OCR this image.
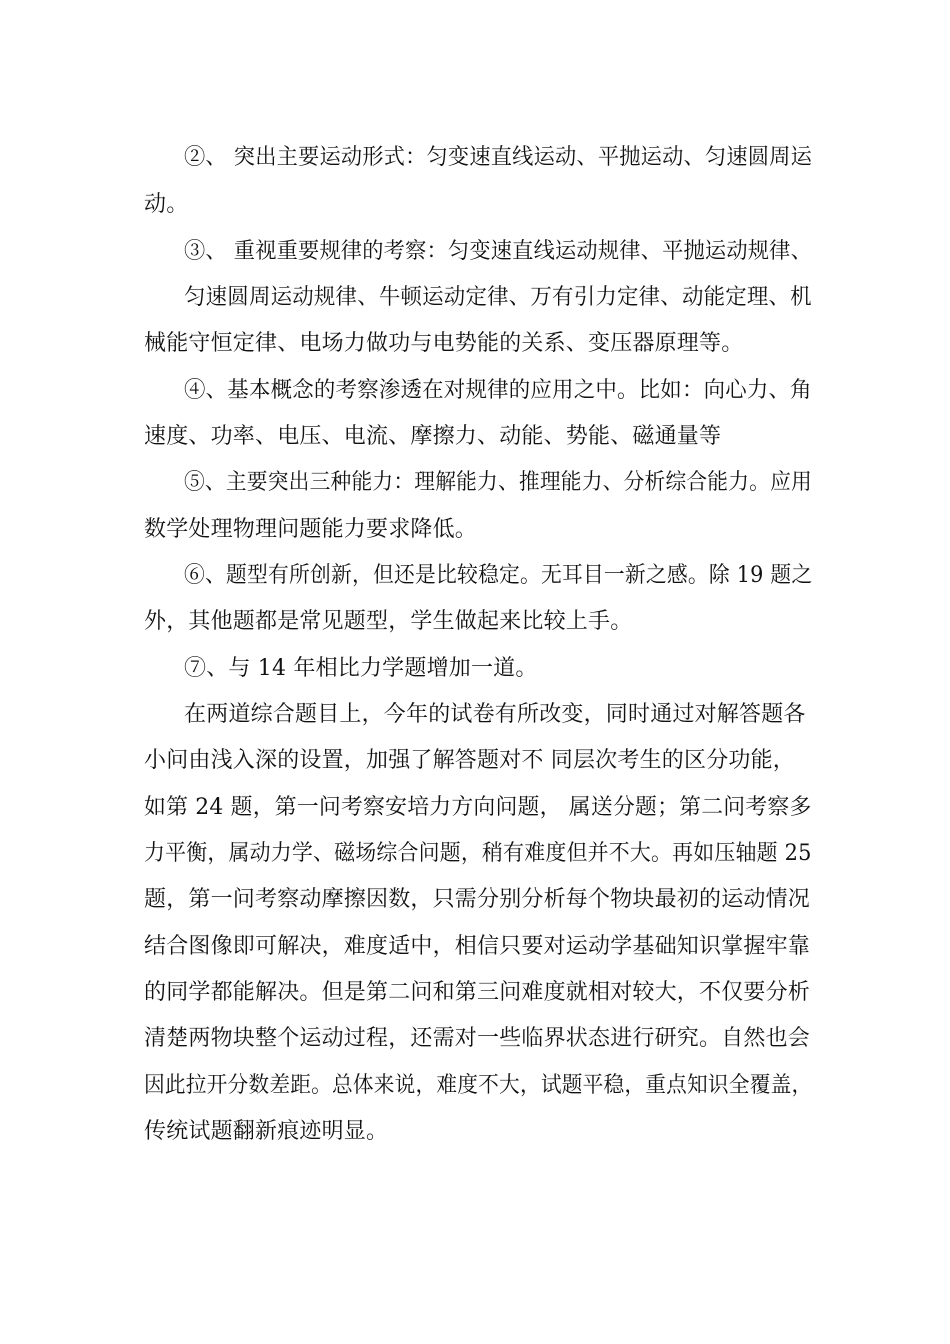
②、 突出主要运动形式：匀变速直线运动、平抛运动、匀速圆周运
动。
③、 重视重要规律的考察：匀变速直线运动规律、平抛运动规律、
匀速圆周运动规律、牛顿运动定律、万有引力定律、动能定理、机
械能守恒定律、电场力做功与电势能的关系、变压器原理等。
④、基本概念的考察渗透在对规律的应用之中。比如：向心力、角
速度、功率、电压、电流、摩擦力、动能、势能、磁通量等
⑤、主要突出三种能力：理解能力、推理能力、分析综合能力。应用
数学处理物理问题能力要求降低。
⑥、题型有所创新，但还是比较稳定。无耳目一新之感。除 19 题之
外，其他题都是常见题型，学生做起来比较上手。
⑦、与 14 年相比力学题增加一道。
在两道综合题目上，今年的试卷有所改变，同时通过对解答题各
小问由浅入深的设置，加强了解答题对不 同层次考生的区分功能，
如第 24 题，第一问考察安培力方向问题， 属送分题；第二问考察多
力平衡，属动力学、磁场综合问题，稍有难度但并不大。再如压轴题 25
题，第一问考察动摩擦因数，只需分别分析每个物块最初的运动情况
结合图像即可解决，难度适中，相信只要对运动学基础知识掌握牢靠
的同学都能解决。但是第二问和第三问难度就相对较大，不仅要分析
清楚两物块整个运动过程，还需对一些临界状态进行研究。自然也会
因此拉开分数差距。总体来说，难度不大，试题平稳，重点知识全覆盖，
传统试题翻新痕迹明显。
